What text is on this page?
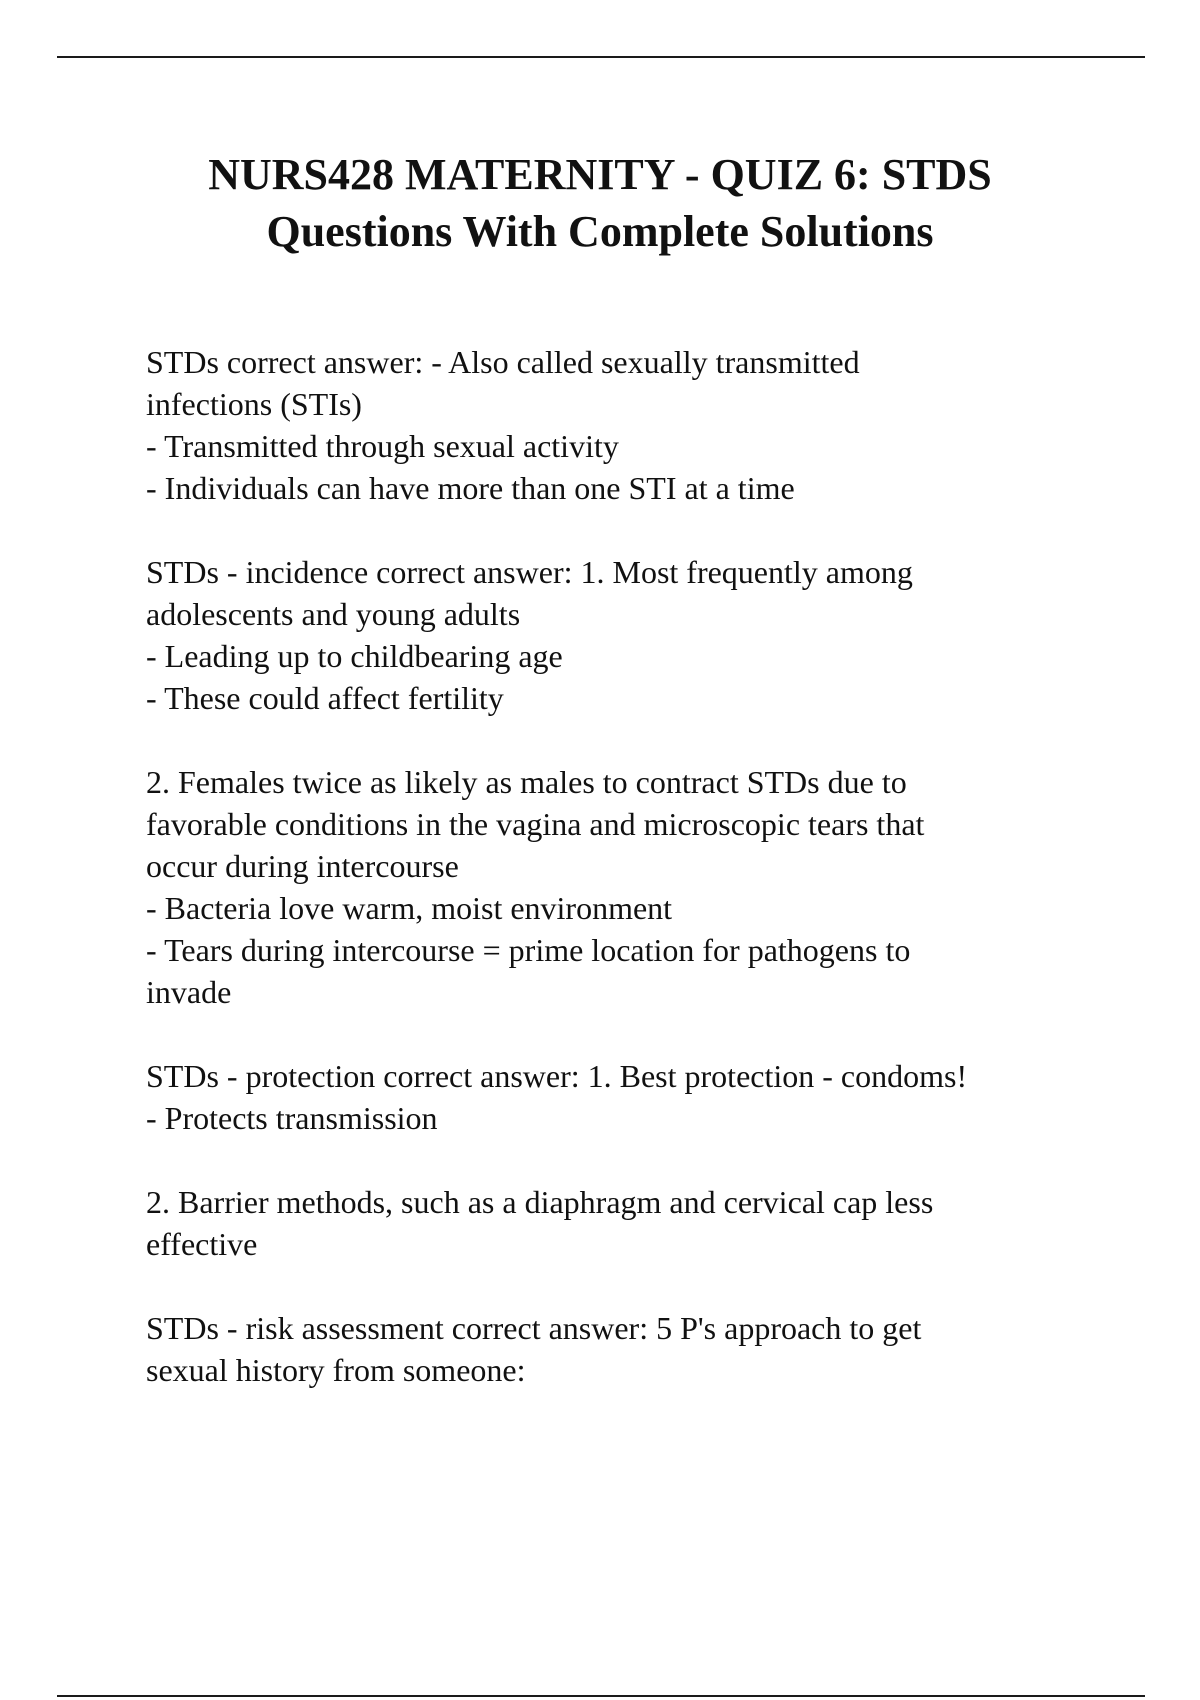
NURS428 MATERNITY - QUIZ 6: STDS
Questions With Complete Solutions

STDs correct answer: - Also called sexually transmitted
infections (STIs)
- Transmitted through sexual activity
- Individuals can have more than one STI at a time

STDs - incidence correct answer: 1. Most frequently among
adolescents and young adults
- Leading up to childbearing age
- These could affect fertility

2. Females twice as likely as males to contract STDs due to
favorable conditions in the vagina and microscopic tears that
occur during intercourse
- Bacteria love warm, moist environment
- Tears during intercourse = prime location for pathogens to
invade

STDs - protection correct answer: 1. Best protection - condoms!
- Protects transmission

2. Barrier methods, such as a diaphragm and cervical cap less
effective

STDs - risk assessment correct answer: 5 P's approach to get
sexual history from someone:
